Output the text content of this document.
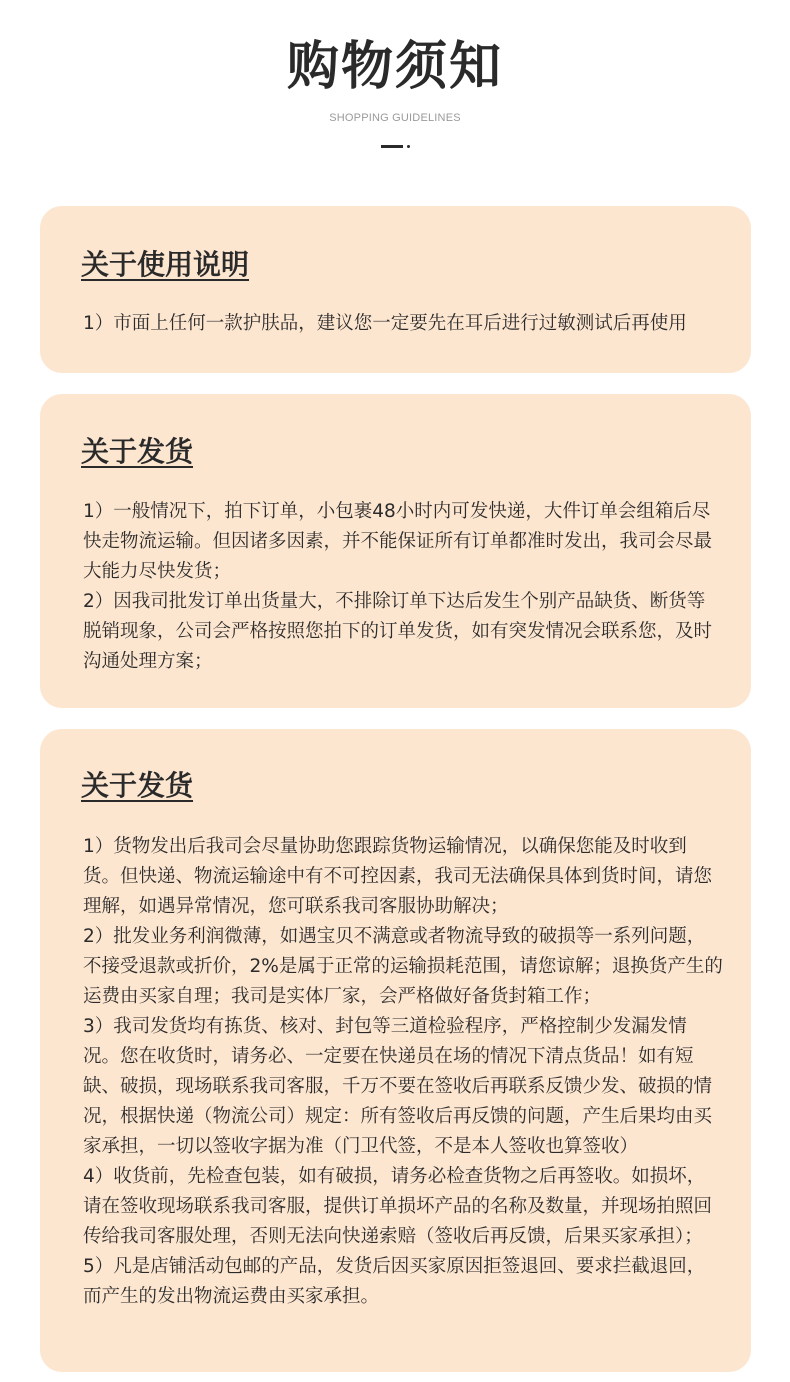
购物须知
SHOPPING GUIDELINES
关于使用说明

1）市面上任何一款护肤品，建议您一定要先在耳后进行过敏测试后再使用

关于发货

1）一般情况下，拍下订单，小包裹48小时内可发快递，大件订单会组箱后尽快走物流运输。但因诸多因素，并不能保证所有订单都准时发出，我司会尽最大能力尽快发货；

2）因我司批发订单出货量大，不排除订单下达后发生个别产品缺货、断货等脱销现象，公司会严格按照您拍下的订单发货，如有突发情况会联系您，及时沟通处理方案；

关于发货

1）货物发出后我司会尽量协助您跟踪货物运输情况，以确保您能及时收到货。但快递、物流运输途中有不可控因素，我司无法确保具体到货时间，请您理解，如遇异常情况，您可联系我司客服协助解决；

2）批发业务利润微薄，如遇宝贝不满意或者物流导致的破损等一系列问题，不接受退款或折价，2%是属于正常的运输损耗范围，请您谅解；退换货产生的运费由买家自理；我司是实体厂家，会严格做好备货封箱工作；

3）我司发货均有拣货、核对、封包等三道检验程序，严格控制少发漏发情况。您在收货时，请务必、一定要在快递员在场的情况下清点货品！如有短缺、破损，现场联系我司客服，千万不要在签收后再联系反馈少发、破损的情况，根据快递（物流公司）规定：所有签收后再反馈的问题，产生后果均由买家承担，一切以签收字据为准（门卫代签，不是本人签收也算签收）

4）收货前，先检查包装，如有破损，请务必检查货物之后再签收。如损坏，请在签收现场联系我司客服，提供订单损坏产品的名称及数量，并现场拍照回传给我司客服处理，否则无法向快递索赔（签收后再反馈，后果买家承担）；

5）凡是店铺活动包邮的产品，发货后因买家原因拒签退回、要求拦截退回，而产生的发出物流运费由买家承担。
